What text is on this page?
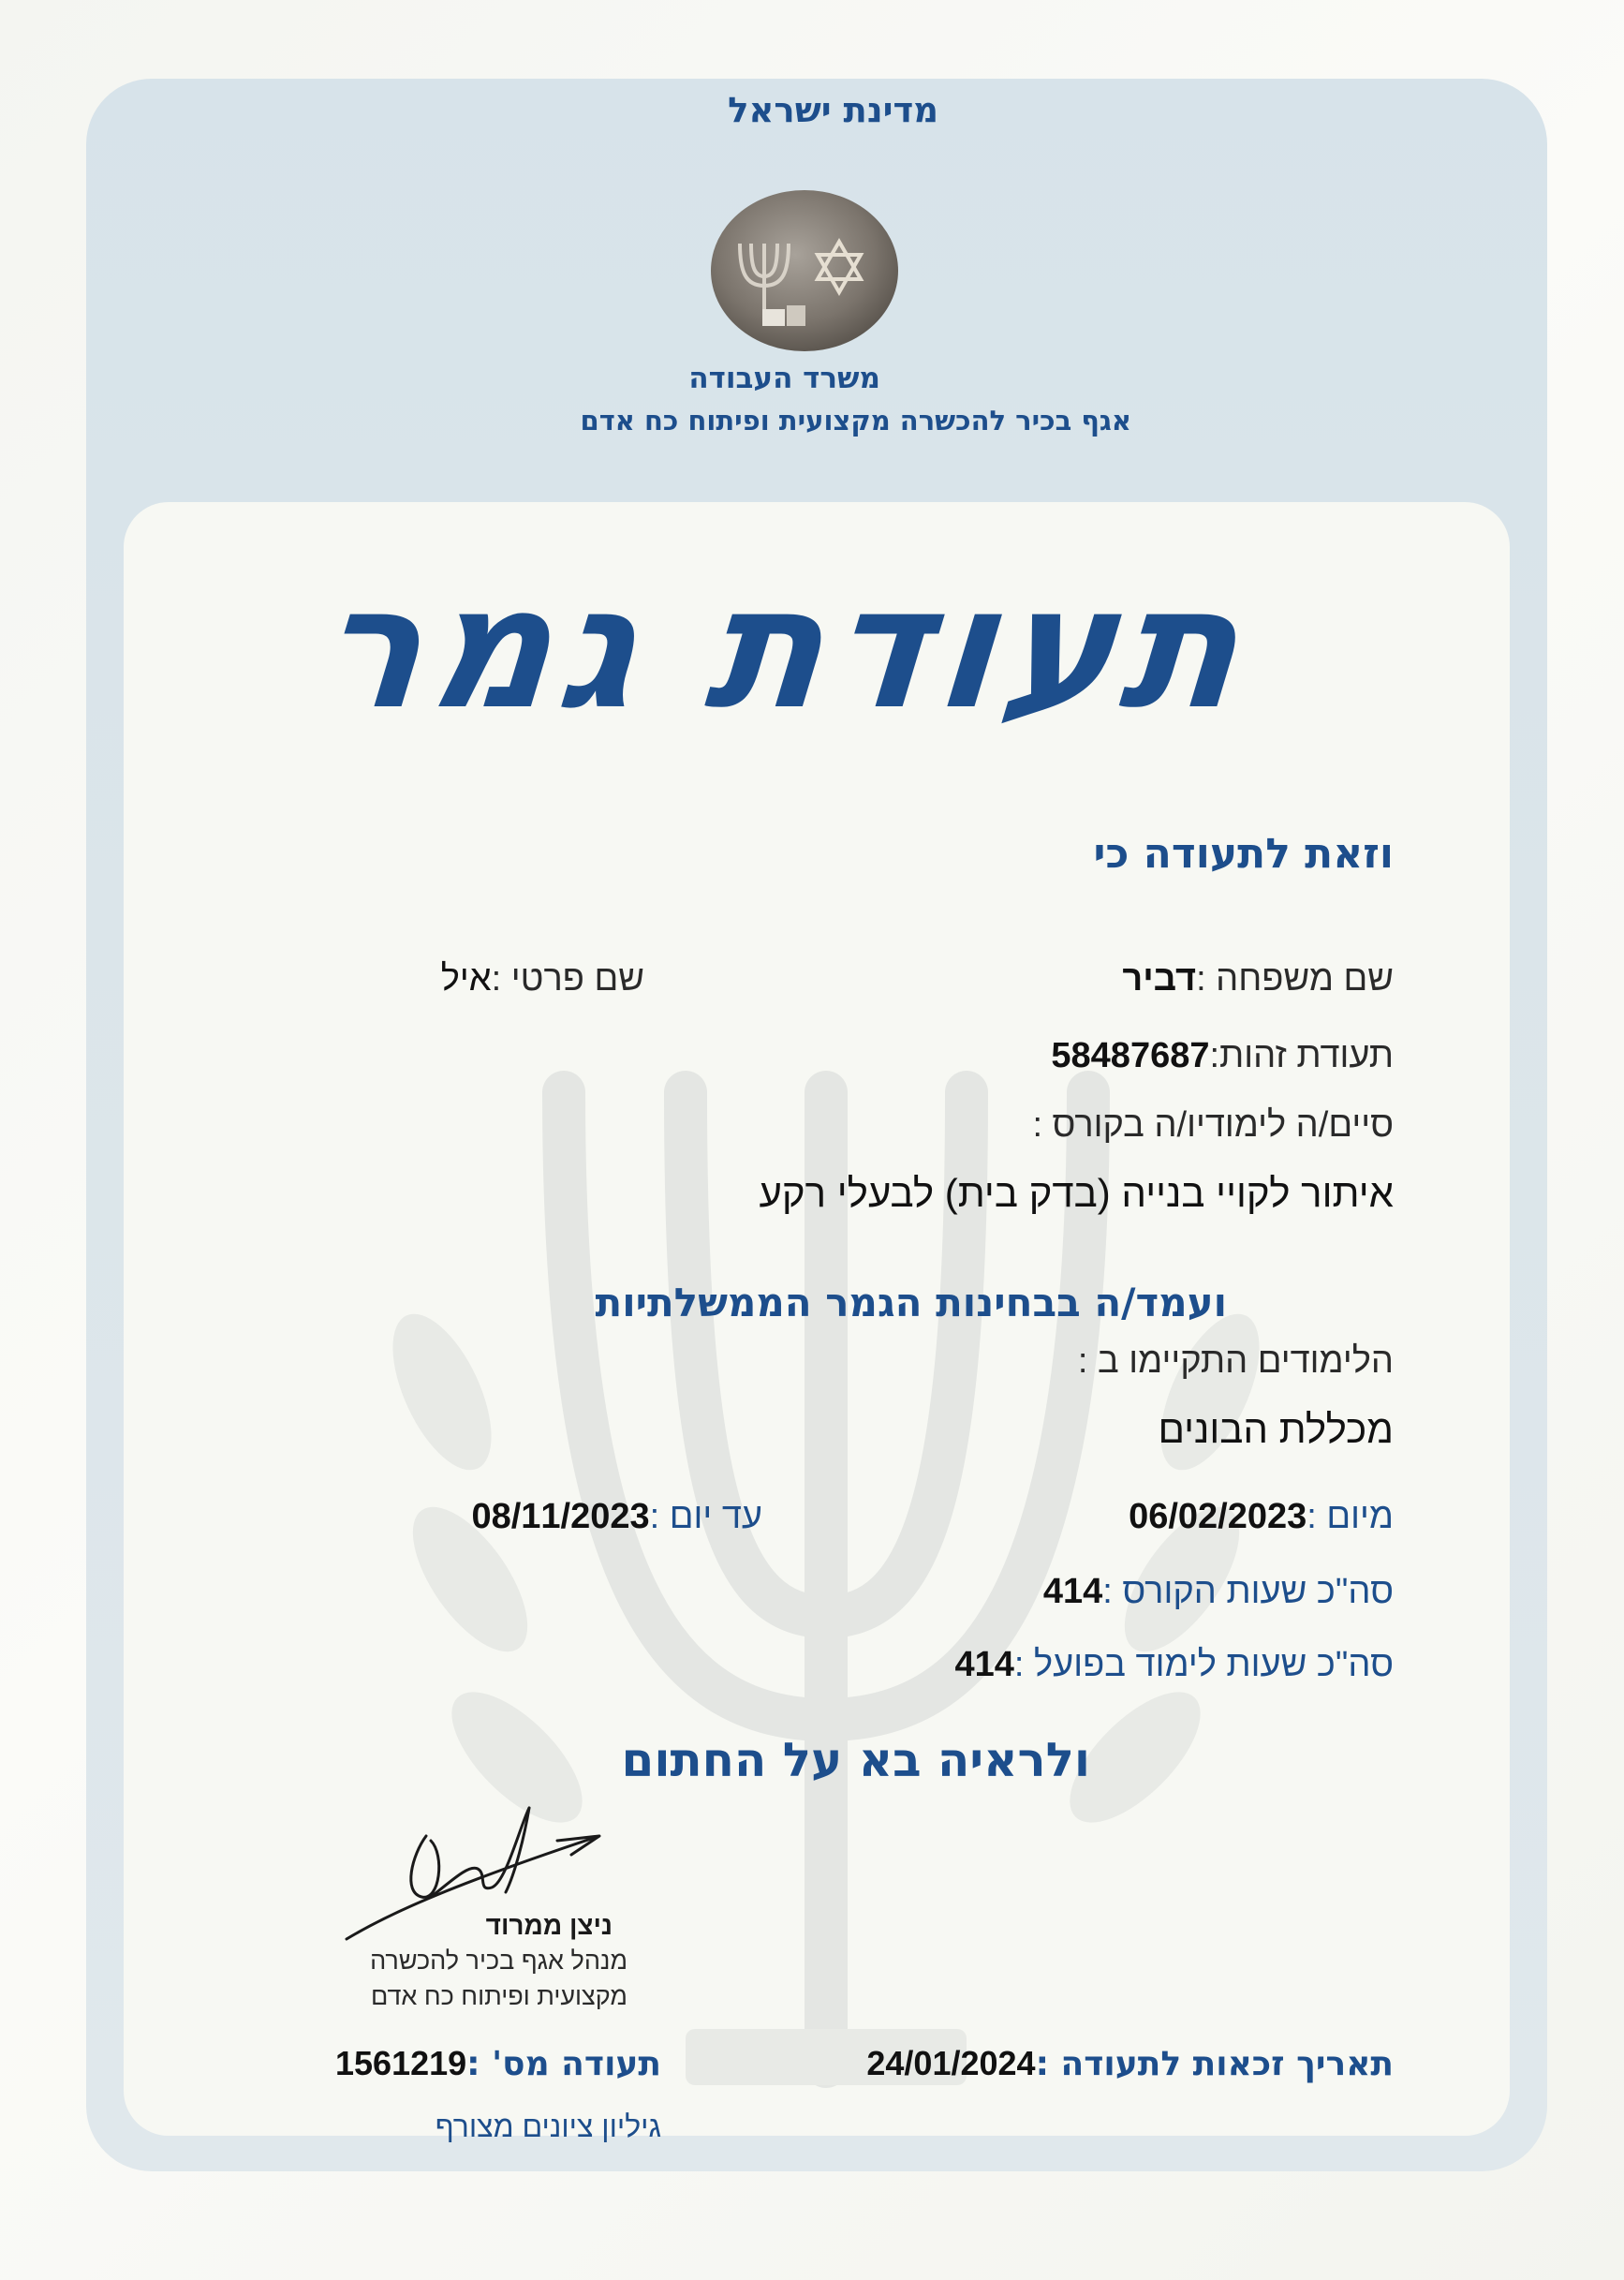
מדינת ישראל
משרד העבודה
אגף בכיר להכשרה מקצועית ופיתוח כח אדם
תעודת גמר
וזאת לתעודה כי
שם משפחה :דביר
שם פרטי :איל
תעודת זהות:58487687
סיים/ה לימודיו/ה בקורס :
איתור לקויי בנייה (בדק בית) לבעלי רקע
ועמד/ה בבחינות הגמר הממשלתיות
הלימודים התקיימו ב :
מכללת הבונים
מיום :06/02/2023
עד יום :08/11/2023
סה"כ שעות הקורס :414
סה"כ שעות לימוד בפועל :414
ולראיה בא על החתום
ניצן ממרוד
מנהל אגף בכיר להכשרה
מקצועית ופיתוח כח אדם
תאריך זכאות לתעודה :24/01/2024
תעודה מס' :1561219
גיליון ציונים מצורף
